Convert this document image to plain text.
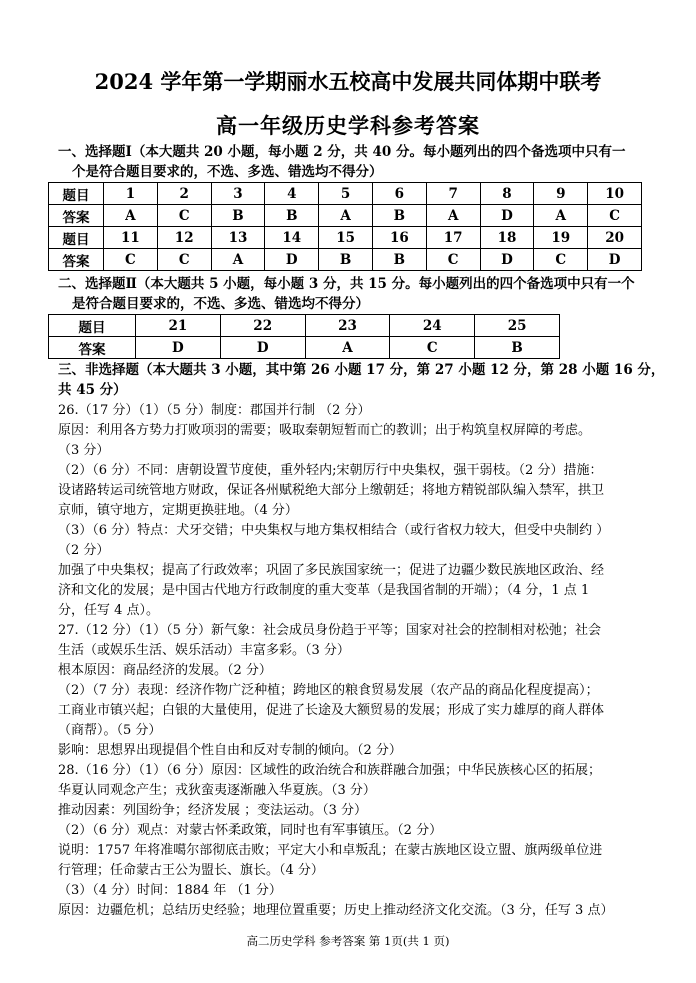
2024 学年第一学期丽水五校高中发展共同体期中联考
高一年级历史学科参考答案
一、选择题Ⅰ（本大题共 20 小题，每小题 2 分，共 40 分。每小题列出的四个备选项中只有一
个是符合题目要求的，不选、多选、错选均不得分）
题目	1	2	3	4	5	6	7	8	9	10
答案	A	C	B	B	A	B	A	D	A	C
题目	11	12	13	14	15	16	17	18	19	20
答案	C	C	A	D	B	B	C	D	C	D
二、选择题Ⅱ（本大题共 5 小题，每小题 3 分，共 15 分。每小题列出的四个备选项中只有一个
是符合题目要求的，不选、多选、错选均不得分）
题目	21	22	23	24	25
答案	D	D	A	C	B
三、非选择题（本大题共 3 小题，其中第 26 小题 17 分，第 27 小题 12 分，第 28 小题 16 分，
共 45 分）
26.（17 分）（1）（5 分）制度：郡国并行制 （2 分）
原因：利用各方势力打败项羽的需要；吸取秦朝短暂而亡的教训；出于构筑皇权屏障的考虑。
（3 分）
（2）（6 分）不同：唐朝设置节度使，重外轻内;宋朝厉行中央集权，强干弱枝。（2 分）措施：
设诸路转运司统管地方财政，保证各州赋税绝大部分上缴朝廷；将地方精锐部队编入禁军，拱卫
京师，镇守地方，定期更换驻地。（4 分）
（3）（6 分）特点：犬牙交错；中央集权与地方集权相结合（或行省权力较大，但受中央制约 ）
（2 分）
加强了中央集权；提高了行政效率；巩固了多民族国家统一；促进了边疆少数民族地区政治、经
济和文化的发展；是中国古代地方行政制度的重大变革（是我国省制的开端）；（4 分，1 点 1
分，任写 4 点）。
27.（12 分）（1）（5 分）新气象：社会成员身份趋于平等；国家对社会的控制相对松弛；社会
生活（或娱乐生活、娱乐活动）丰富多彩。（3 分）
根本原因：商品经济的发展。（2 分）
（2）（7 分）表现：经济作物广泛种植；跨地区的粮食贸易发展（农产品的商品化程度提高）；
工商业市镇兴起；白银的大量使用，促进了长途及大额贸易的发展；形成了实力雄厚的商人群体
（商帮）。（5 分）
影响：思想界出现提倡个性自由和反对专制的倾向。（2 分）
28.（16 分）（1）（6 分）原因：区域性的政治统合和族群融合加强；中华民族核心区的拓展；
华夏认同观念产生；戎狄蛮夷逐渐融入华夏族。（3 分）
推动因素：列国纷争；经济发展 ；变法运动。（3 分）
（2）（6 分）观点：对蒙古怀柔政策，同时也有军事镇压。（2 分）
说明：1757 年将准噶尔部彻底击败；平定大小和卓叛乱；在蒙古族地区设立盟、旗两级单位进
行管理；任命蒙古王公为盟长、旗长。（4 分）
（3）（4 分）时间：1884 年 （1 分）
原因：边疆危机；总结历史经验；地理位置重要；历史上推动经济文化交流。（3 分，任写 3 点）
高二历史学科 参考答案 第 1页(共 1 页)
